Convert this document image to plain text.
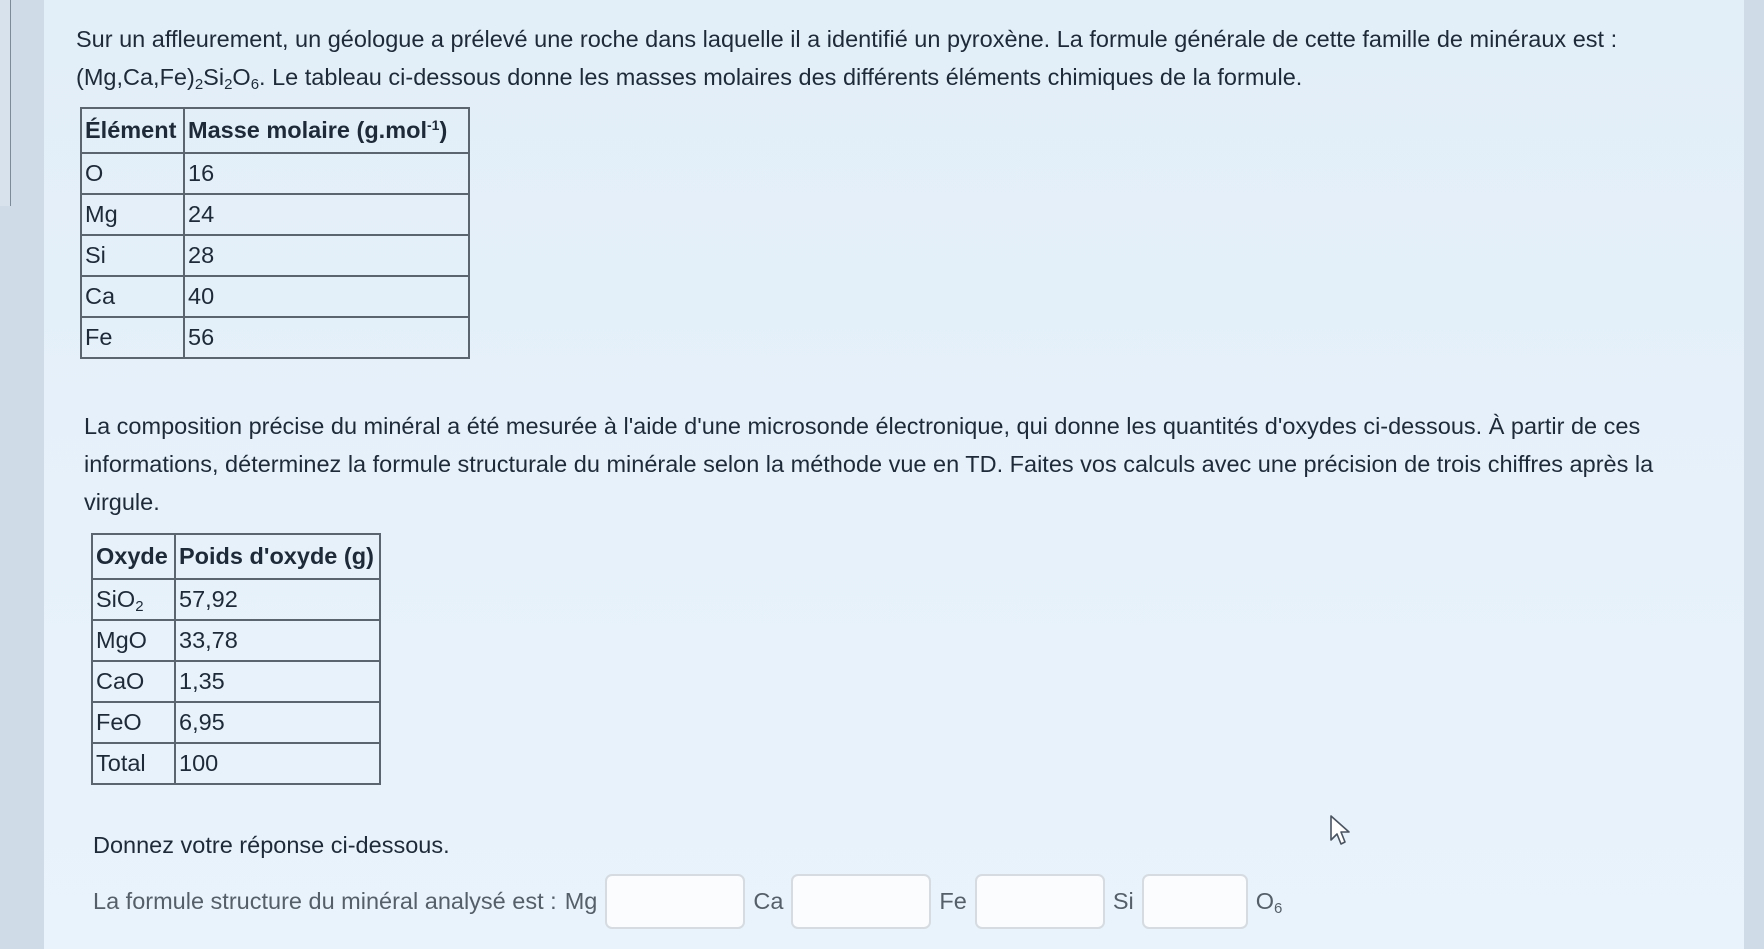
Sur un affleurement, un géologue a prélevé une roche dans laquelle il a identifié un pyroxène. La formule générale de cette famille de minéraux est :
$(Mg,Ca,Fe)_2Si_2O_6$. Le tableau ci-dessous donne les masses molaires des différents éléments chimiques de la formule.

Élément	Masse molaire (g.mol$^{-1}$)
O	16
Mg	24
Si	28
Ca	40
Fe	56

La composition précise du minéral a été mesurée à l'aide d'une microsonde électronique, qui donne les quantités d'oxydes ci-dessous. À partir de ces informations, déterminez la formule structurale du minérale selon la méthode vue en TD. Faites vos calculs avec une précision de trois chiffres après la virgule.

Oxyde	Poids d'oxyde (g)
SiO$_2$	57,92
MgO	33,78
CaO	1,35
FeO	6,95
Total	100

Donnez votre réponse ci-dessous.

La formule structure du minéral analysé est : Mg	Ca	Fe	Si	$O_6$
